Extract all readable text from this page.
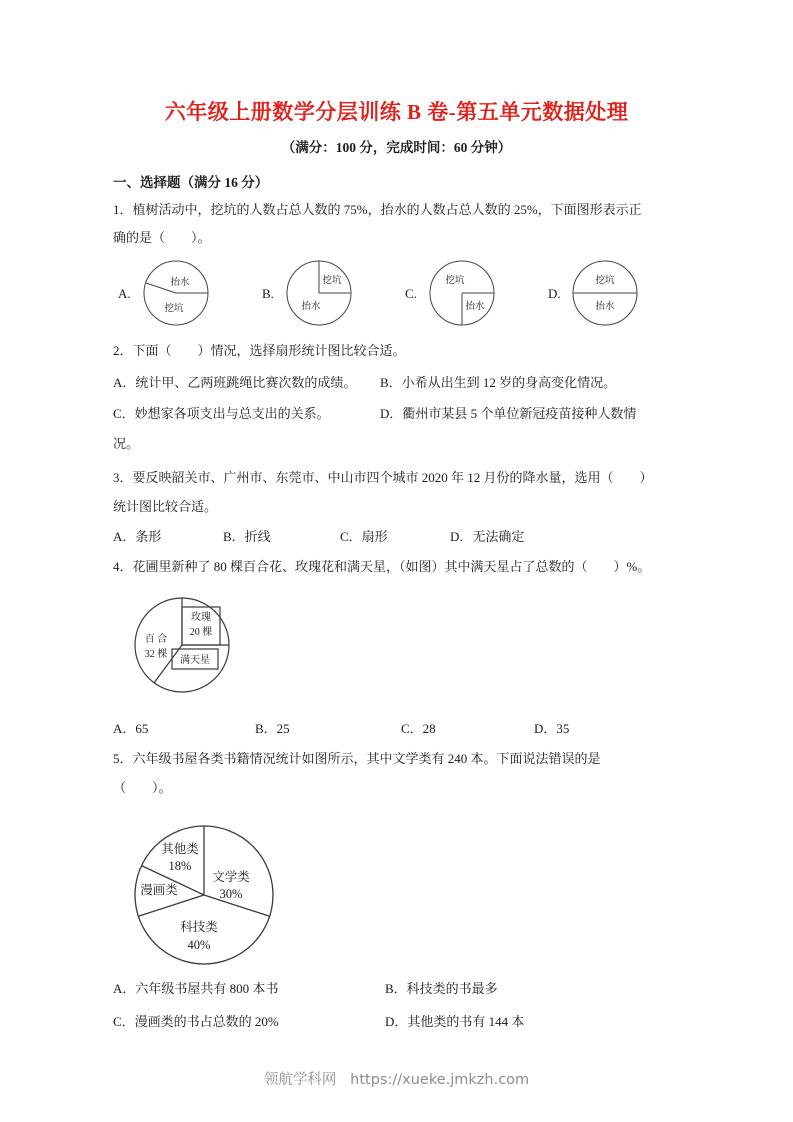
六年级上册数学分层训练 B 卷-第五单元数据处理
（满分：100 分，完成时间：60 分钟）
一、选择题（满分 16 分）
1．植树活动中，挖坑的人数占总人数的 75%，抬水的人数占总人数的 25%，下面图形表示正
确的是（        ）。
A.
抬水
挖坑
B.
挖坑
抬水
C.
挖坑
抬水
D.
挖坑
抬水
2．下面（        ）情况，选择扇形统计图比较合适。
A．统计甲、乙两班跳绳比赛次数的成绩。 B．小希从出生到 12 岁的身高变化情况。
C．妙想家各项支出与总支出的关系。	D．衢州市某县 5 个单位新冠疫苗接种人数情
况。
3．要反映韶关市、广州市、东莞市、中山市四个城市 2020 年 12 月份的降水量，选用（        ）
统计图比较合适。
A．条形	B．折线	C．扇形	D．无法确定
4．花圃里新种了 80 棵百合花、玫瑰花和满天星，（如图）其中满天星占了总数的（        ）%。
玫瑰
20 棵
满天星
百 合
32 棵
A．65	B．25	C．28	D．35
5．六年级书屋各类书籍情况统计如图所示，其中文学类有 240 本。下面说法错误的是
（        ）。
文学类
30%
科技类
40%
漫画类
其他类
18%
A．六年级书屋共有 800 本书	B．科技类的书最多
C．漫画类的书占总数的 20%	D．其他类的书有 144 本
领航学科网 https://xueke.jmkzh.com
